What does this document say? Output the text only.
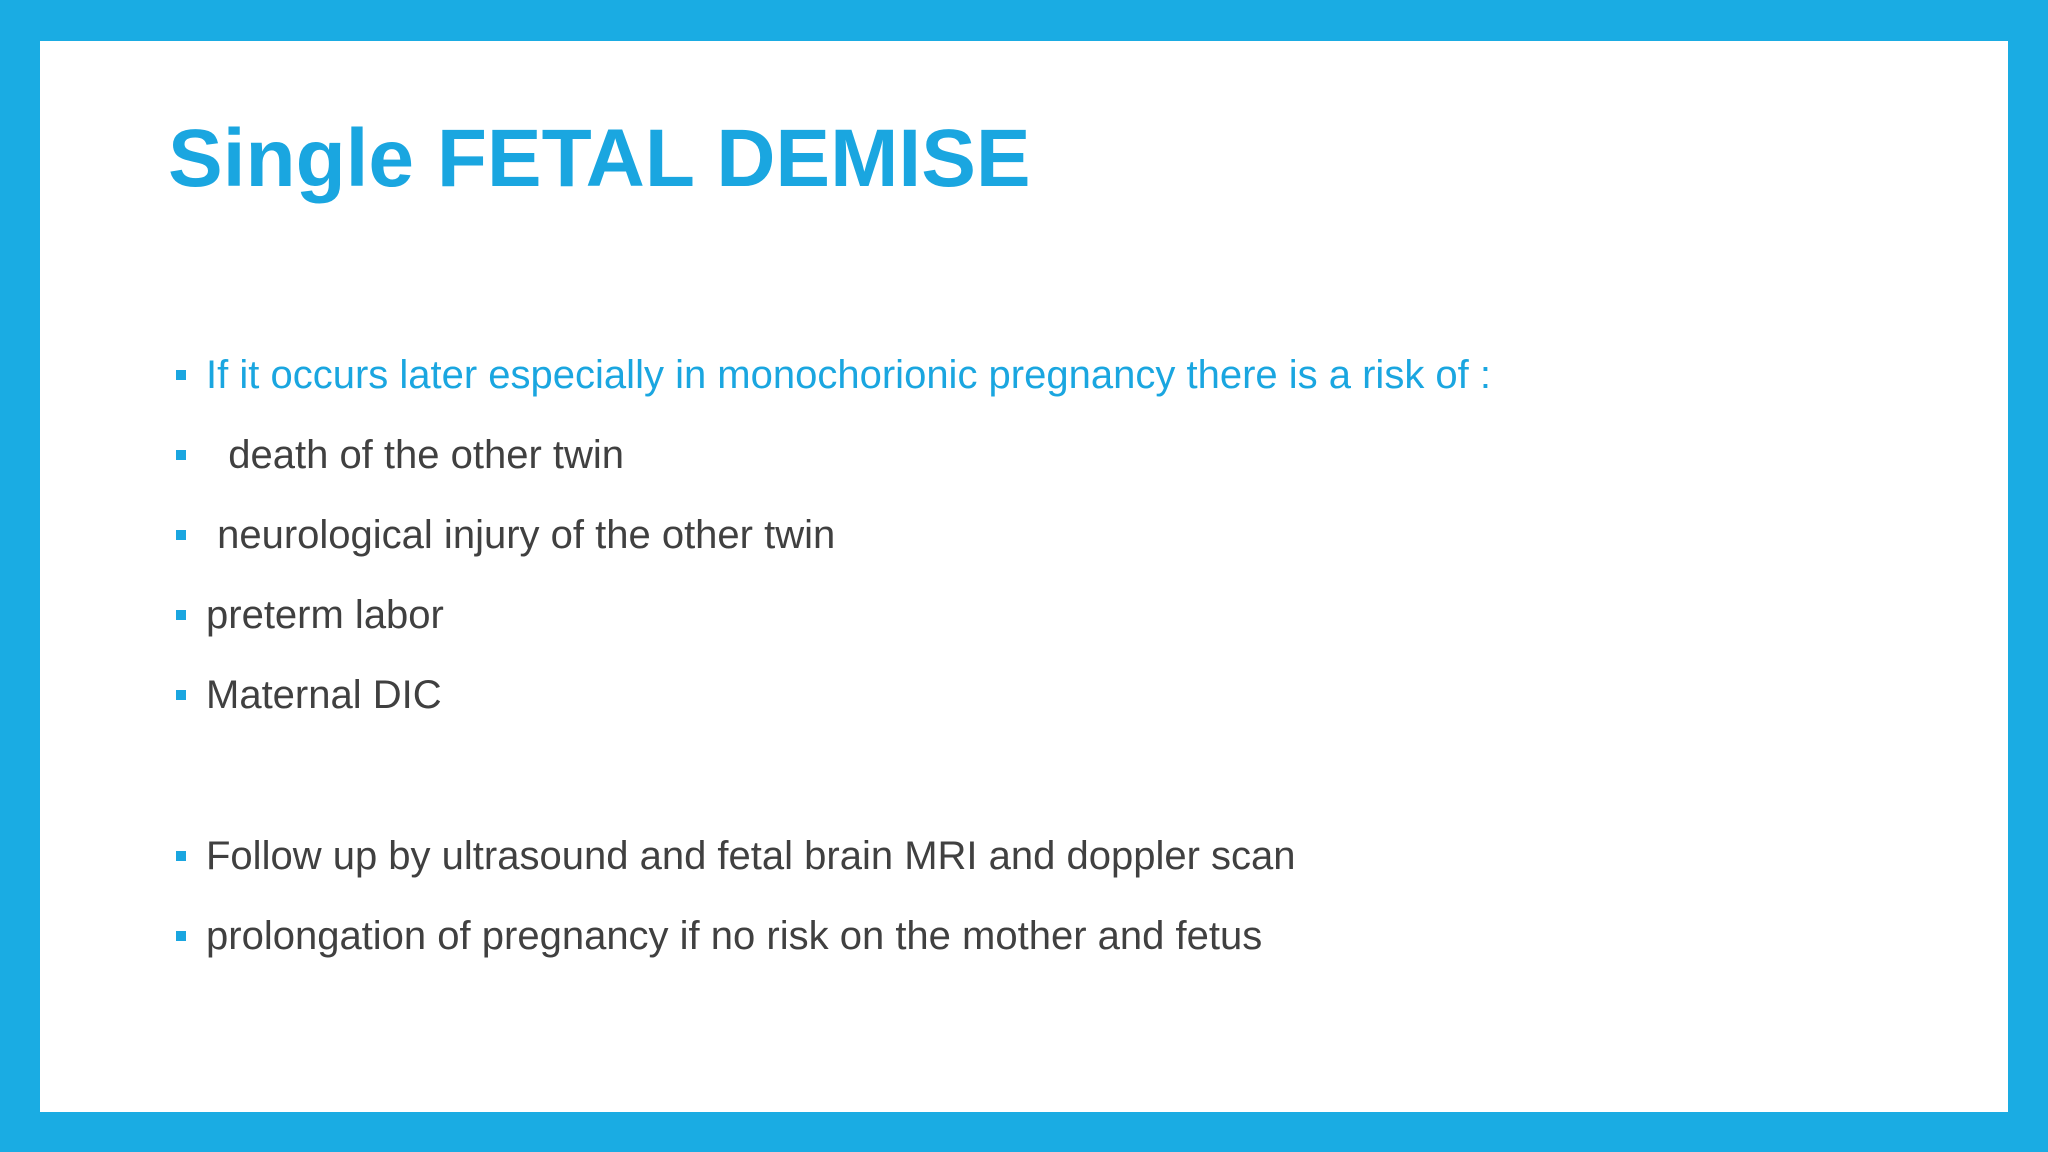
Single FETAL DEMISE
If it occurs later especially in monochorionic pregnancy there is a risk of :
death of the other twin
neurological injury of the other twin
preterm labor
Maternal DIC
Follow up by ultrasound and fetal brain MRI and doppler scan
prolongation of pregnancy if no risk on the mother and fetus
